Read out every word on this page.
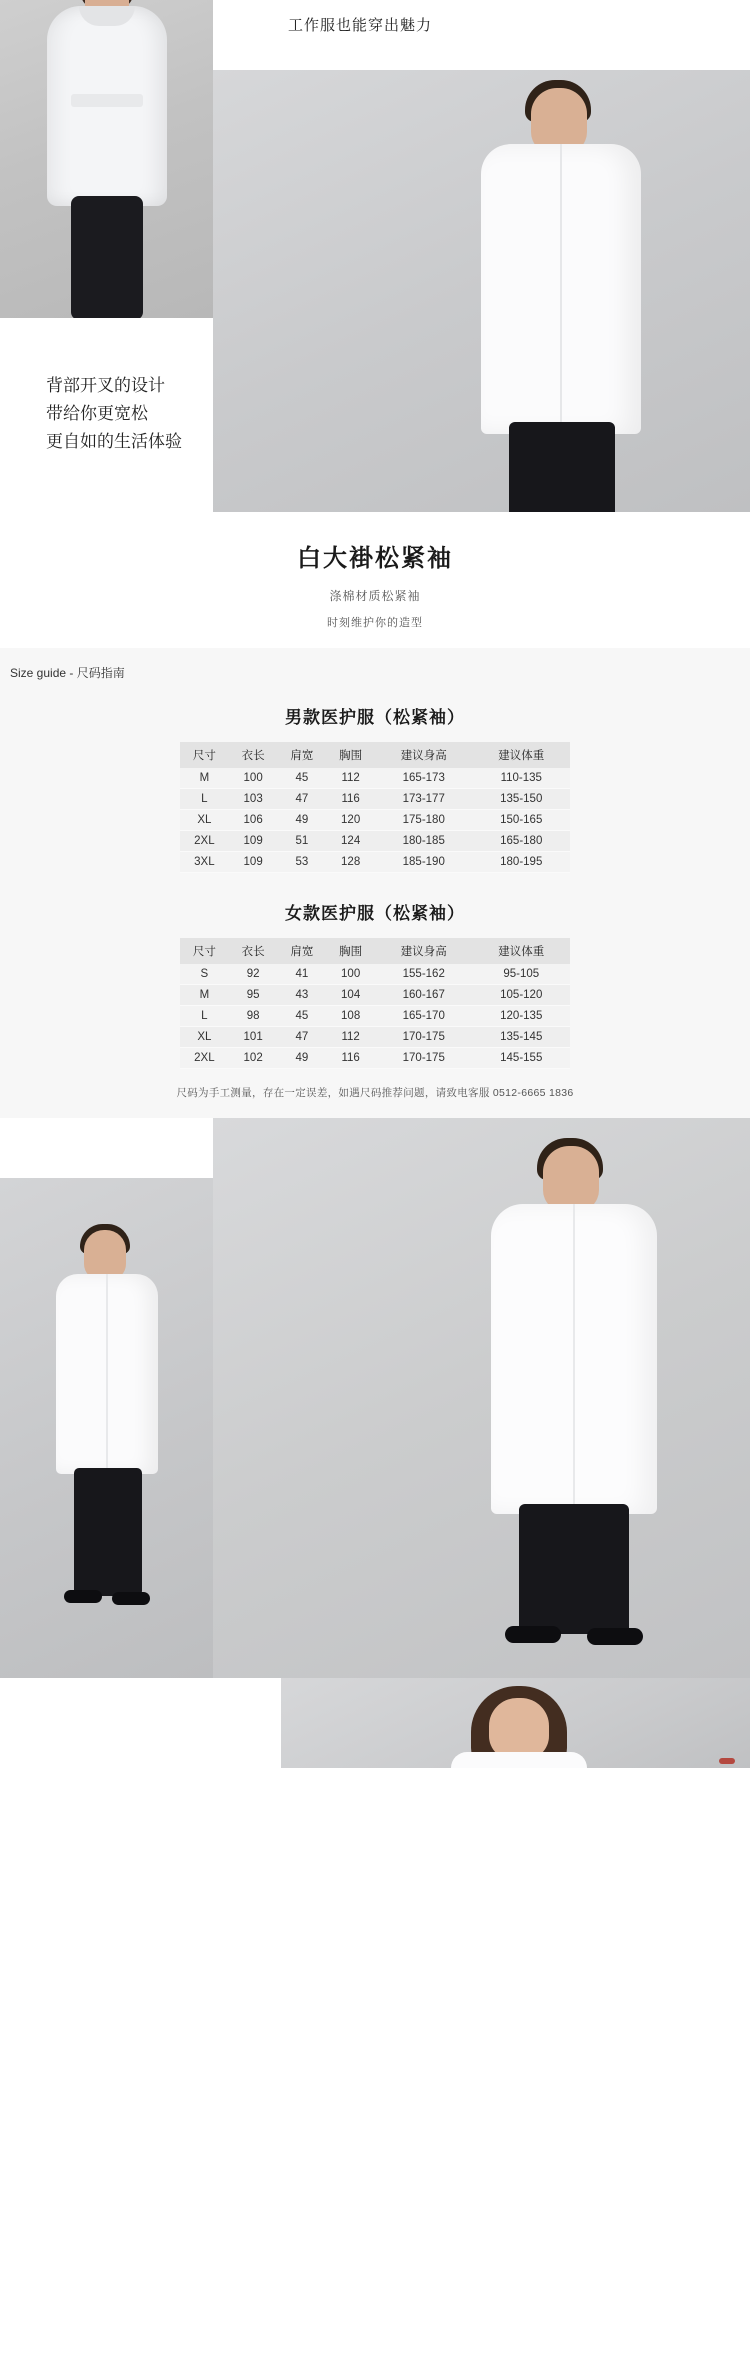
工作服也能穿出魅力
背部开叉的设计
带给你更宽松
更自如的生活体验
白大褂松紧袖
涤棉材质松紧袖
时刻维护你的造型
Size guide - 尺码指南
男款医护服（松紧袖）
尺寸	衣长	肩宽	胸围	建议身高	建议体重
M	100	45	112	165-173	110-135
L	103	47	116	173-177	135-150
XL	106	49	120	175-180	150-165
2XL	109	51	124	180-185	165-180
3XL	109	53	128	185-190	180-195
女款医护服（松紧袖）
尺寸	衣长	肩宽	胸围	建议身高	建议体重
S	92	41	100	155-162	95-105
M	95	43	104	160-167	105-120
L	98	45	108	165-170	120-135
XL	101	47	112	170-175	135-145
2XL	102	49	116	170-175	145-155
尺码为手工测量，存在一定误差，如遇尺码推荐问题，请致电客服 0512-6665 1836
